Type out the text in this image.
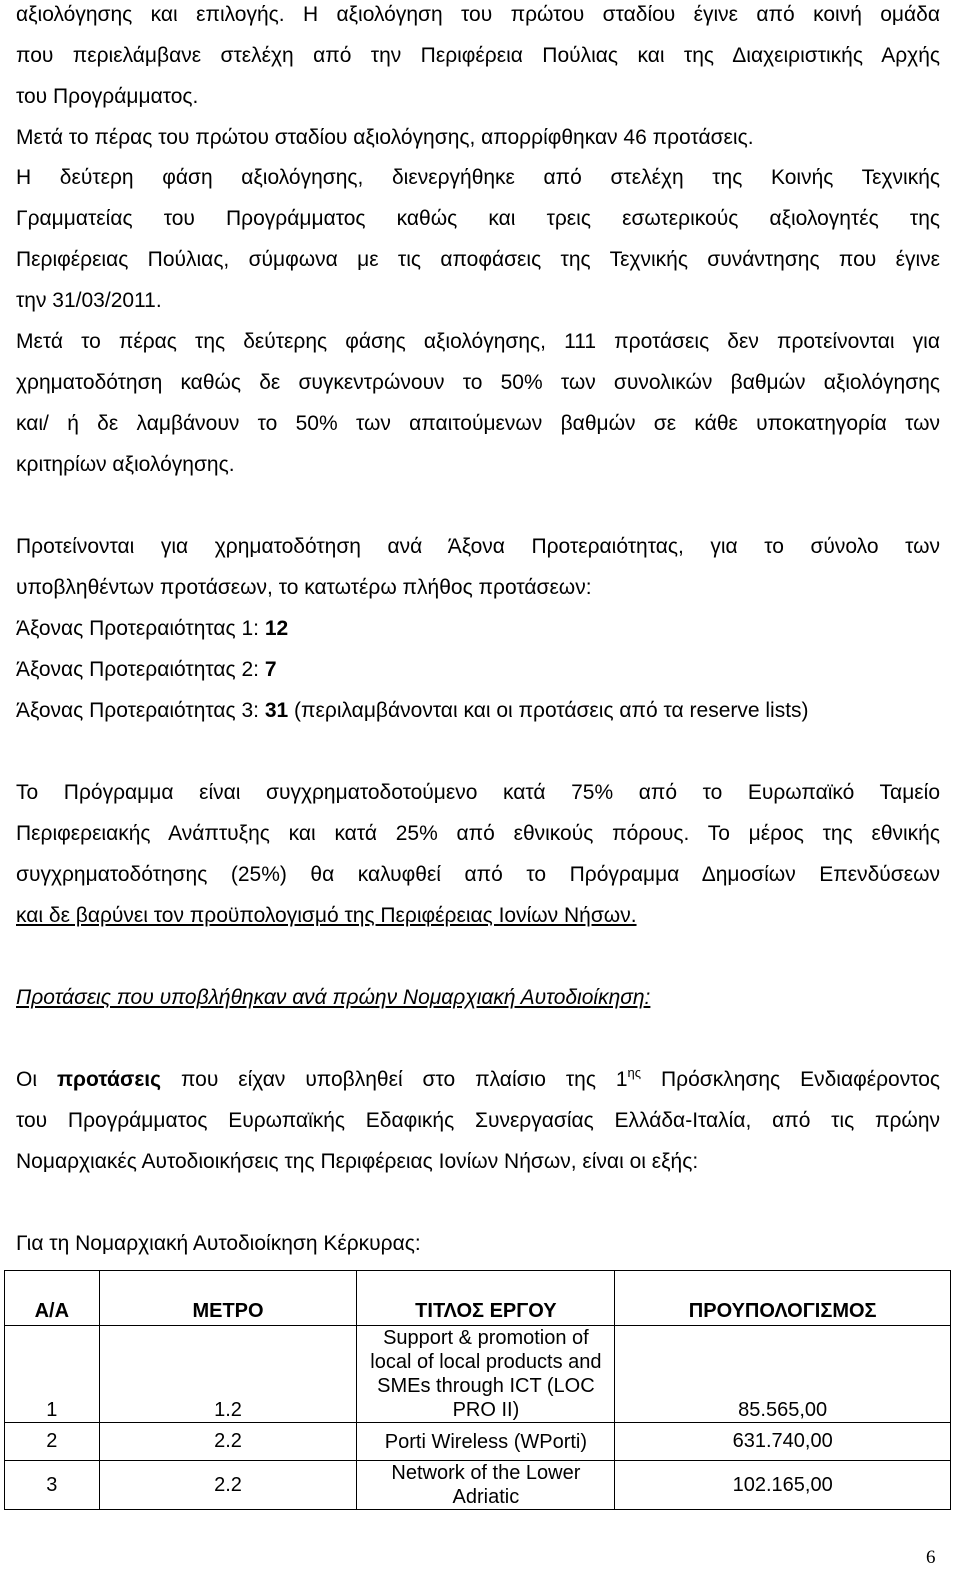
αξιολόγησης και επιλογής. Η αξιολόγηση του πρώτου σταδίου έγινε από κοινή ομάδα
που περιελάμβανε στελέχη από την Περιφέρεια Πούλιας και της Διαχειριστικής Αρχής
του Προγράμματος.
Μετά το πέρας του πρώτου σταδίου αξιολόγησης, απορρίφθηκαν 46 προτάσεις.
Η δεύτερη φάση αξιολόγησης, διενεργήθηκε από στελέχη της Κοινής Τεχνικής
Γραμματείας του Προγράμματος καθώς και τρεις εσωτερικούς αξιολογητές της
Περιφέρειας Πούλιας, σύμφωνα με τις αποφάσεις της Τεχνικής συνάντησης που έγινε
την 31/03/2011.
Μετά το πέρας της δεύτερης φάσης αξιολόγησης, 111 προτάσεις δεν προτείνονται για
χρηματοδότηση καθώς δε συγκεντρώνουν το 50% των συνολικών βαθμών αξιολόγησης
και/ ή δε λαμβάνουν το 50% των απαιτούμενων βαθμών σε κάθε υποκατηγορία των
κριτηρίων αξιολόγησης.
Προτείνονται για χρηματοδότηση ανά Άξονα Προτεραιότητας, για το σύνολο των
υποβληθέντων προτάσεων, το κατωτέρω πλήθος προτάσεων:
Άξονας Προτεραιότητας 1: 12
Άξονας Προτεραιότητας 2: 7
Άξονας Προτεραιότητας 3: 31 (περιλαμβάνονται και οι προτάσεις από τα reserve lists)
Το Πρόγραμμα είναι συγχρηματοδοτούμενο κατά 75% από το Ευρωπαϊκό Ταμείο
Περιφερειακής Ανάπτυξης και κατά 25% από εθνικούς πόρους. Το μέρος της εθνικής
συγχρηματοδότησης (25%) θα καλυφθεί από το Πρόγραμμα Δημοσίων Επενδύσεων
και δε βαρύνει τον προϋπολογισμό της Περιφέρειας Ιονίων Νήσων.
Προτάσεις που υποβλήθηκαν ανά πρώην Νομαρχιακή Αυτοδιοίκηση:
Οι προτάσεις που είχαν υποβληθεί στο πλαίσιο της $1^{\eta\varsigma}$ Πρόσκλησης Ενδιαφέροντος
του Προγράμματος Ευρωπαϊκής Εδαφικής Συνεργασίας Ελλάδα-Ιταλία, από τις πρώην
Νομαρχιακές Αυτοδιοικήσεις της Περιφέρειας Ιονίων Νήσων, είναι οι εξής:
Για τη Νομαρχιακή Αυτοδιοίκηση Κέρκυρας:
Α/Α	ΜΕΤΡΟ	ΤΙΤΛΟΣ ΕΡΓΟΥ	ΠΡΟΥΠΟΛΟΓΙΣΜΟΣ
1	1.2	Support & promotion of local of local products and SMEs through ICT (LOC PRO II)	85.565,00
2	2.2	Porti Wireless (WPorti)	631.740,00
3	2.2	Network of the Lower Adriatic	102.165,00
6
